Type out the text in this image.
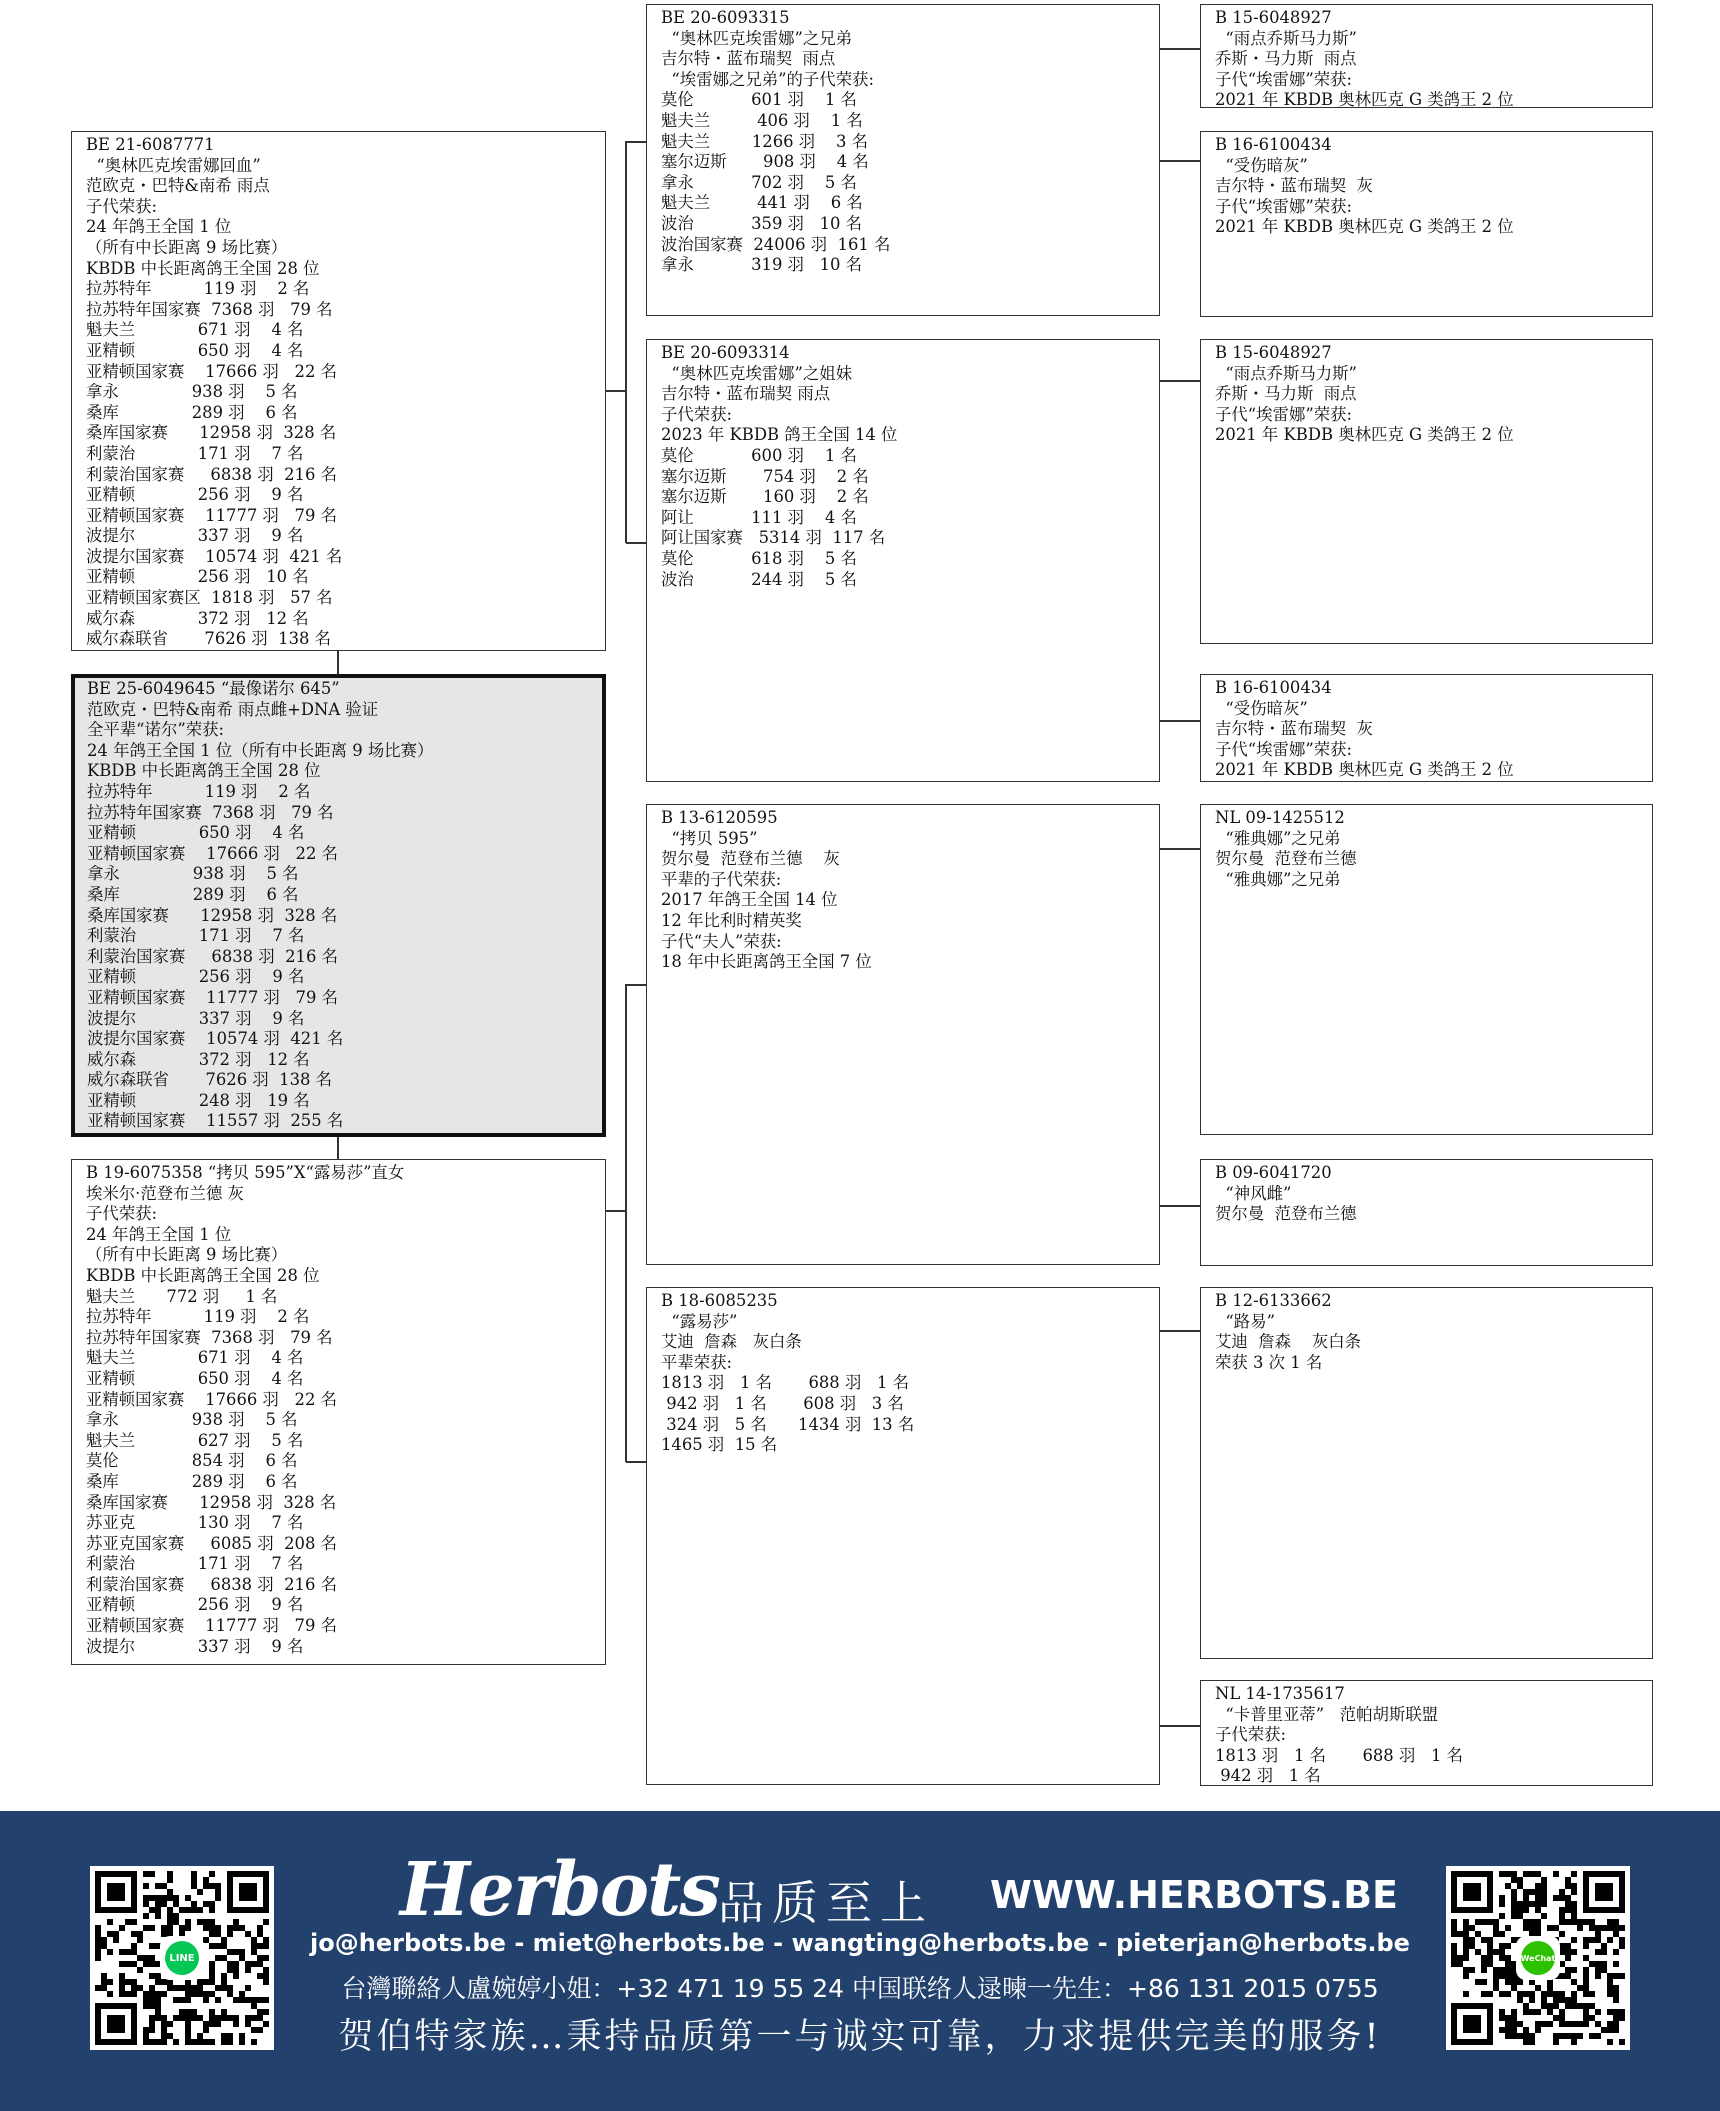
BE 20-6093315
“奥林匹克埃雷娜”之兄弟
吉尔特・蓝布瑞契  雨点
“埃雷娜之兄弟”的子代荣获:
莫伦           601 羽    1 名
魁夫兰         406 羽    1 名
魁夫兰        1266 羽    3 名
塞尔迈斯       908 羽    4 名
拿永           702 羽    5 名
魁夫兰         441 羽    6 名
波治           359 羽   10 名
波治国家赛  24006 羽  161 名
拿永           319 羽   10 名
BE 21-6087771
“奥林匹克埃雷娜回血”
范欧克・巴特&南希 雨点
子代荣获:
24 年鸽王全国 1 位
（所有中长距离 9 场比赛）
KBDB 中长距离鸽王全国 28 位
拉苏特年          119 羽    2 名
拉苏特年国家赛  7368 羽   79 名
魁夫兰            671 羽    4 名
亚精顿            650 羽    4 名
亚精顿国家赛    17666 羽   22 名
拿永              938 羽    5 名
桑库              289 羽    6 名
桑库国家赛      12958 羽  328 名
利蒙治            171 羽    7 名
利蒙治国家赛     6838 羽  216 名
亚精顿            256 羽    9 名
亚精顿国家赛    11777 羽   79 名
波提尔            337 羽    9 名
波提尔国家赛    10574 羽  421 名
亚精顿            256 羽   10 名
亚精顿国家赛区  1818 羽   57 名
威尔森            372 羽   12 名
威尔森联省       7626 羽  138 名
BE 20-6093314
“奥林匹克埃雷娜”之姐妹
吉尔特・蓝布瑞契 雨点
子代荣获:
2023 年 KBDB 鸽王全国 14 位
莫伦           600 羽    1 名
塞尔迈斯       754 羽    2 名
塞尔迈斯       160 羽    2 名
阿让           111 羽    4 名
阿让国家赛   5314 羽  117 名
莫伦           618 羽    5 名
波治           244 羽    5 名
BE 25-6049645 “最像诺尔 645”
范欧克・巴特&南希 雨点雌+DNA 验证
全平辈“诺尔”荣获:
24 年鸽王全国 1 位（所有中长距离 9 场比赛）
KBDB 中长距离鸽王全国 28 位
拉苏特年          119 羽    2 名
拉苏特年国家赛  7368 羽   79 名
亚精顿            650 羽    4 名
亚精顿国家赛    17666 羽   22 名
拿永              938 羽    5 名
桑库              289 羽    6 名
桑库国家赛      12958 羽  328 名
利蒙治            171 羽    7 名
利蒙治国家赛     6838 羽  216 名
亚精顿            256 羽    9 名
亚精顿国家赛    11777 羽   79 名
波提尔            337 羽    9 名
波提尔国家赛    10574 羽  421 名
威尔森            372 羽   12 名
威尔森联省       7626 羽  138 名
亚精顿            248 羽   19 名
亚精顿国家赛    11557 羽  255 名
B 19-6075358 “拷贝 595”X“露易莎”直女
埃米尔·范登布兰德 灰
子代荣获:
24 年鸽王全国 1 位
（所有中长距离 9 场比赛）
KBDB 中长距离鸽王全国 28 位
魁夫兰      772 羽     1 名
拉苏特年          119 羽    2 名
拉苏特年国家赛  7368 羽   79 名
魁夫兰            671 羽    4 名
亚精顿            650 羽    4 名
亚精顿国家赛    17666 羽   22 名
拿永              938 羽    5 名
魁夫兰            627 羽    5 名
莫伦              854 羽    6 名
桑库              289 羽    6 名
桑库国家赛      12958 羽  328 名
苏亚克            130 羽    7 名
苏亚克国家赛     6085 羽  208 名
利蒙治            171 羽    7 名
利蒙治国家赛     6838 羽  216 名
亚精顿            256 羽    9 名
亚精顿国家赛    11777 羽   79 名
波提尔            337 羽    9 名
B 13-6120595
“拷贝 595”
贺尔曼  范登布兰德    灰
平辈的子代荣获:
2017 年鸽王全国 14 位
12 年比利时精英奖
子代“夫人”荣获:
18 年中长距离鸽王全国 7 位
B 18-6085235
“露易莎”
艾迪  詹森   灰白条
平辈荣获:
1813 羽   1 名       688 羽   1 名
942 羽   1 名       608 羽   3 名
324 羽   5 名      1434 羽  13 名
1465 羽  15 名
B 15-6048927
“雨点乔斯马力斯”
乔斯・马力斯  雨点
子代“埃雷娜”荣获:
2021 年 KBDB 奥林匹克 G 类鸽王 2 位
B 16-6100434
“受伤暗灰”
吉尔特・蓝布瑞契  灰
子代“埃雷娜”荣获:
2021 年 KBDB 奥林匹克 G 类鸽王 2 位
B 15-6048927
“雨点乔斯马力斯”
乔斯・马力斯  雨点
子代“埃雷娜”荣获:
2021 年 KBDB 奥林匹克 G 类鸽王 2 位
B 16-6100434
“受伤暗灰”
吉尔特・蓝布瑞契  灰
子代“埃雷娜”荣获:
2021 年 KBDB 奥林匹克 G 类鸽王 2 位
NL 09-1425512
“雅典娜”之兄弟
贺尔曼  范登布兰德
“雅典娜”之兄弟
B 09-6041720
“神风雌”
贺尔曼  范登布兰德
B 12-6133662
“路易”
艾迪  詹森    灰白条
荣获 3 次 1 名
NL 14-1735617
“卡普里亚蒂”   范帕胡斯联盟
子代荣获:
1813 羽   1 名       688 羽   1 名
942 羽   1 名
LINE	WeChat
Herbots 品质至上 WWW.HERBOTS.BE
jo@herbots.be - miet@herbots.be - wangting@herbots.be - pieterjan@herbots.be
台灣聯絡人盧婉婷小姐：+32 471 19 55 24 中国联络人逯暕一先生：+86 131 2015 0755
贺伯特家族…秉持品质第一与诚实可靠，力求提供完美的服务!
